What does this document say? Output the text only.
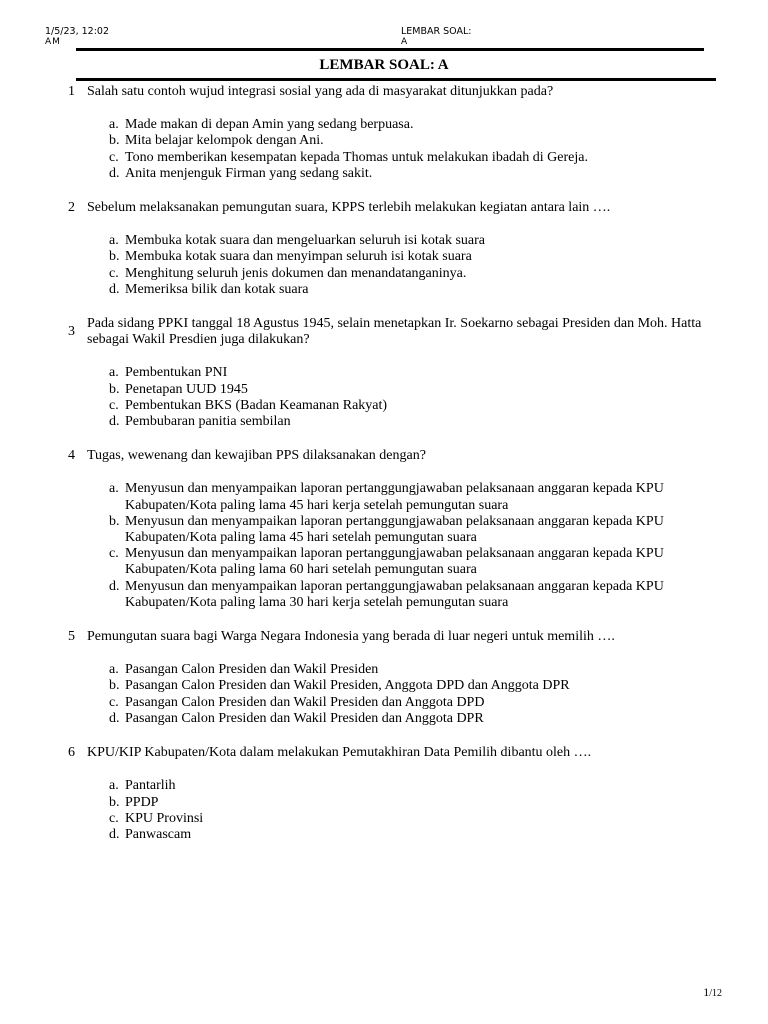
1/5/23, 12:02
AM
LEMBAR SOAL:
A
LEMBAR SOAL: A
1 Salah satu contoh wujud integrasi sosial yang ada di masyarakat ditunjukkan pada?

a. Made makan di depan Amin yang sedang berpuasa.
b. Mita belajar kelompok dengan Ani.
c. Tono memberikan kesempatan kepada Thomas untuk melakukan ibadah di Gereja.
d. Anita menjenguk Firman yang sedang sakit.
2 Sebelum melaksanakan pemungutan suara, KPPS terlebih melakukan kegiatan antara lain ….

a. Membuka kotak suara dan mengeluarkan seluruh isi kotak suara
b. Membuka kotak suara dan menyimpan seluruh isi kotak suara
c. Menghitung seluruh jenis dokumen dan menandatanganinya.
d. Memeriksa bilik dan kotak suara
3

Pada sidang PPKI tanggal 18 Agustus 1945, selain menetapkan Ir. Soekarno sebagai Presiden dan Moh. Hatta sebagai Wakil Presdien juga dilakukan?

a. Pembentukan PNI
b. Penetapan UUD 1945
c. Pembentukan BKS (Badan Keamanan Rakyat)
d. Pembubaran panitia sembilan
4 Tugas, wewenang dan kewajiban PPS dilaksanakan dengan?

a. Menyusun dan menyampaikan laporan pertanggungjawaban pelaksanaan anggaran kepada KPU Kabupaten/Kota paling lama 45 hari kerja setelah pemungutan suara
b. Menyusun dan menyampaikan laporan pertanggungjawaban pelaksanaan anggaran kepada KPU Kabupaten/Kota paling lama 45 hari setelah pemungutan suara
c. Menyusun dan menyampaikan laporan pertanggungjawaban pelaksanaan anggaran kepada KPU Kabupaten/Kota paling lama 60 hari setelah pemungutan suara
d. Menyusun dan menyampaikan laporan pertanggungjawaban pelaksanaan anggaran kepada KPU Kabupaten/Kota paling lama 30 hari kerja setelah pemungutan suara
5 Pemungutan suara bagi Warga Negara Indonesia yang berada di luar negeri untuk memilih ….

a. Pasangan Calon Presiden dan Wakil Presiden
b. Pasangan Calon Presiden dan Wakil Presiden, Anggota DPD dan Anggota DPR
c. Pasangan Calon Presiden dan Wakil Presiden dan Anggota DPD
d. Pasangan Calon Presiden dan Wakil Presiden dan Anggota DPR
6 KPU/KIP Kabupaten/Kota dalam melakukan Pemutakhiran Data Pemilih dibantu oleh ….

a. Pantarlih
b. PPDP
c. KPU Provinsi
d. Panwascam
1/12
